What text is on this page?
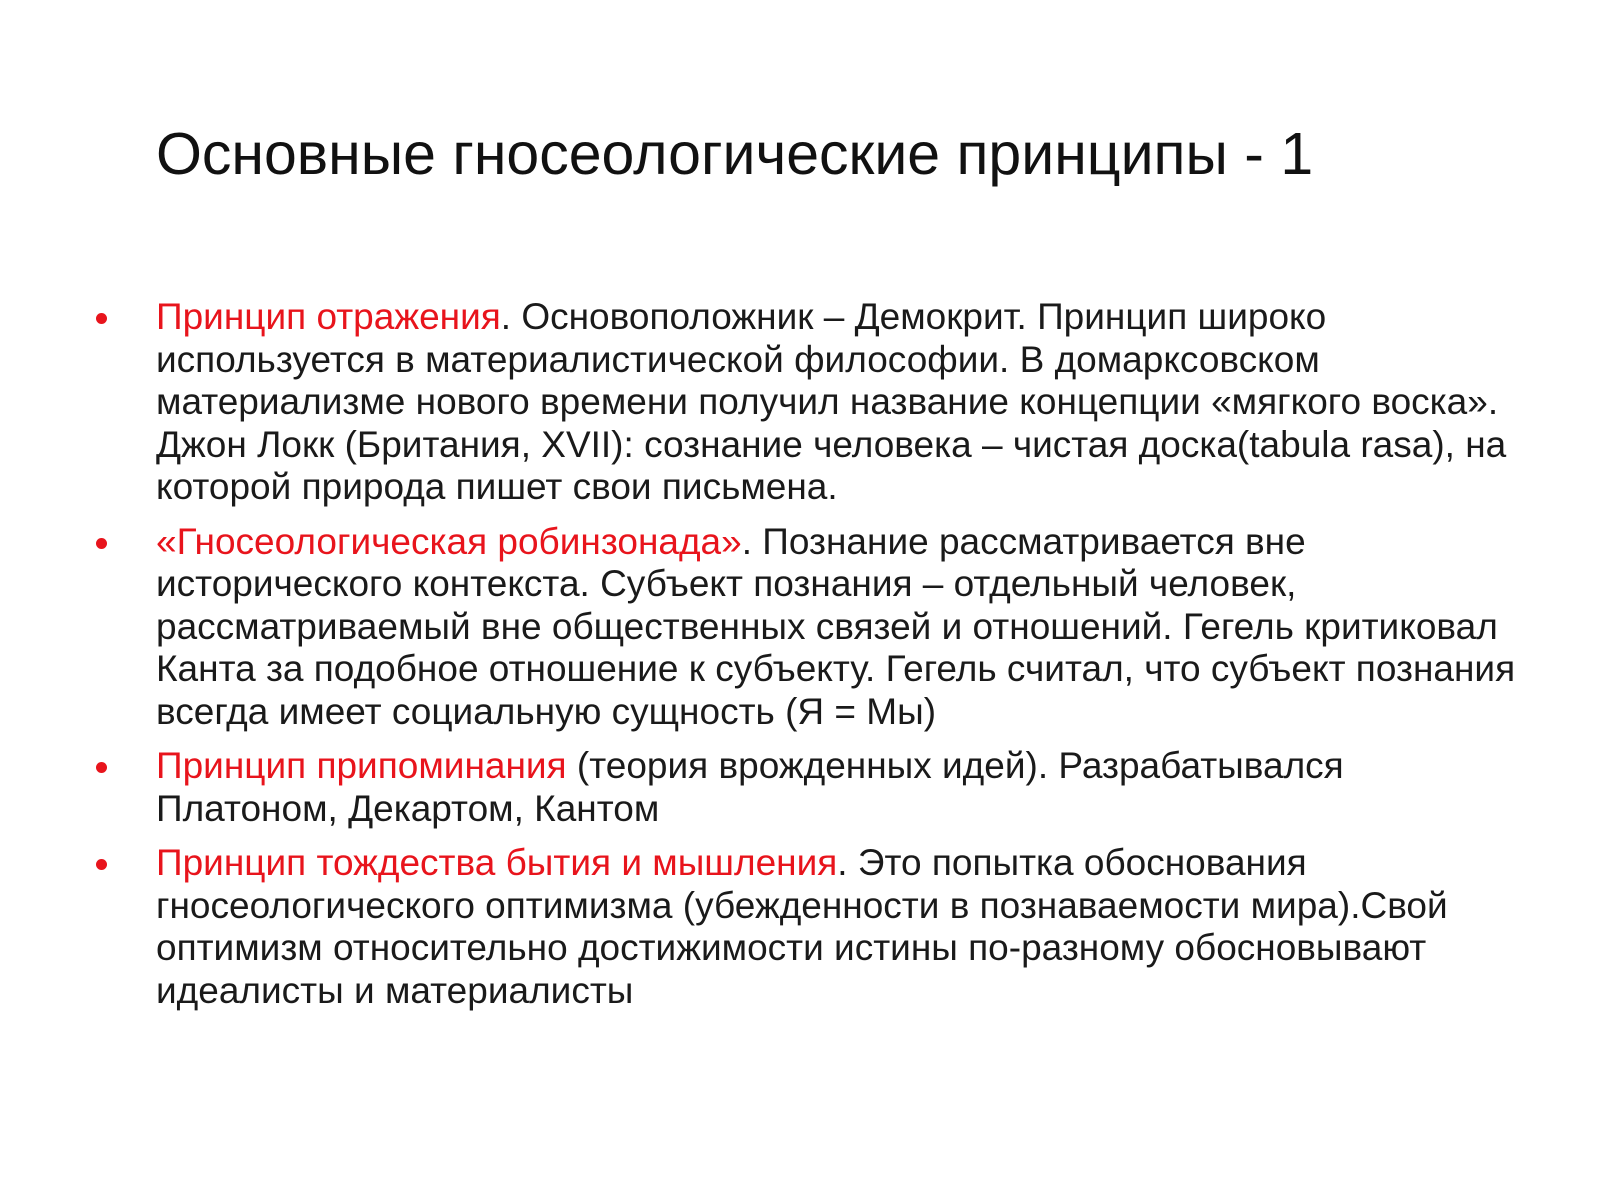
Основные гносеологические принципы - 1
Принцип отражения. Основоположник – Демокрит. Принцип широко используется в материалистической философии. В домарксовском материализме нового времени получил название концепции «мягкого воска». Джон Локк (Британия, XVII): сознание человека – чистая доска(tabula rasa), на которой природа пишет свои письмена.
«Гносеологическая робинзонада». Познание рассматривается вне исторического контекста. Субъект познания – отдельный человек, рассматриваемый вне общественных связей и отношений. Гегель критиковал Канта за подобное отношение к субъекту. Гегель считал, что субъект познания всегда имеет социальную сущность (Я = Мы)
Принцип припоминания (теория врожденных идей). Разрабатывался Платоном, Декартом, Кантом
Принцип тождества бытия и мышления. Это попытка обоснования гносеологического оптимизма (убежденности в познаваемости мира).Свой оптимизм относительно достижимости истины по-разному обосновывают идеалисты и материалисты
